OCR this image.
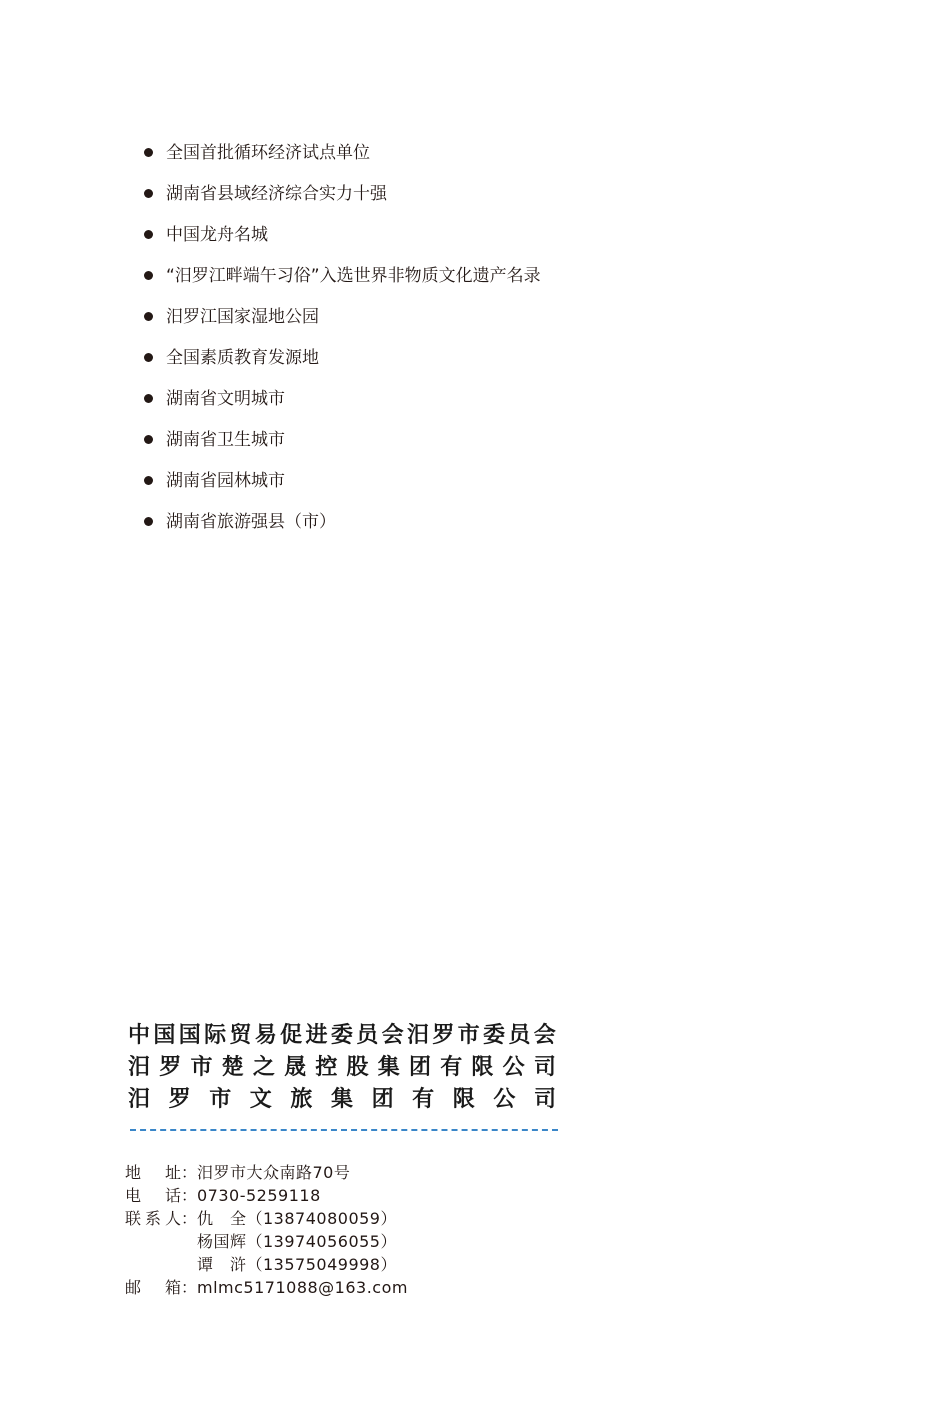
全国首批循环经济试点单位
湖南省县域经济综合实力十强
中国龙舟名城
“汨罗江畔端午习俗”入选世界非物质文化遗产名录
汨罗江国家湿地公园
全国素质教育发源地
湖南省文明城市
湖南省卫生城市
湖南省园林城市
湖南省旅游强县（市）
中 国 国 际 贸 易 促 进 委 员 会 汨 罗 市 委 员 会
汨 罗 市 楚 之 晟 控 股 集 团 有 限 公 司
汨 罗 市 文 旅 集 团 有 限 公 司
地 址 ： 汨罗市大众南路70号
电 话 ： 0730-5259118
联 系 人 ： 仇　全（13874080059）
杨国辉（13974056055）
谭　浒（13575049998）
邮 箱 ： mlmc5171088@163.com
